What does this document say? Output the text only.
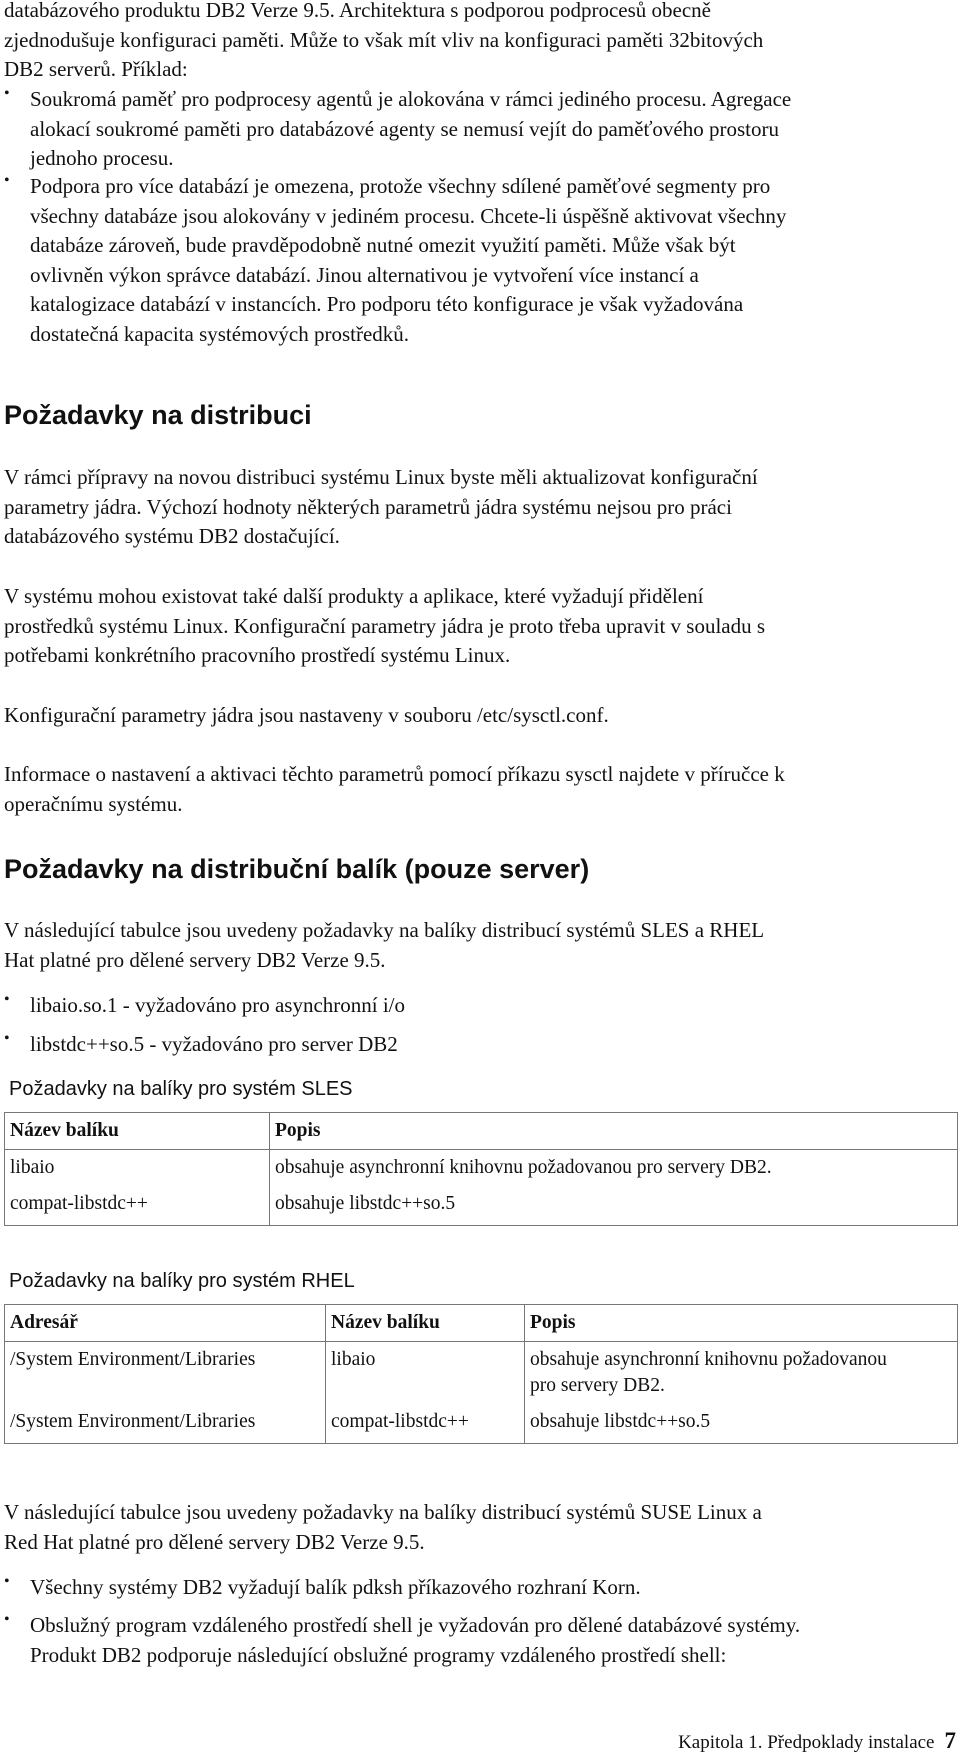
databázového produktu DB2 Verze 9.5. Architektura s podporou podprocesů obecně

zjednodušuje konfiguraci paměti. Může to však mít vliv na konfiguraci paměti 32bitových

DB2 serverů. Příklad:

• Soukromá paměť pro podprocesy agentů je alokována v rámci jediného procesu. Agregace

alokací soukromé paměti pro databázové agenty se nemusí vejít do paměťového prostoru

jednoho procesu.

• Podpora pro více databází je omezena, protože všechny sdílené paměťové segmenty pro

všechny databáze jsou alokovány v jediném procesu. Chcete-li úspěšně aktivovat všechny

databáze zároveň, bude pravděpodobně nutné omezit využití paměti. Může však být

ovlivněn výkon správce databází. Jinou alternativou je vytvoření více instancí a

katalogizace databází v instancích. Pro podporu této konfigurace je však vyžadována

dostatečná kapacita systémových prostředků.

Požadavky na distribuci

V rámci přípravy na novou distribuci systému Linux byste měli aktualizovat konfigurační

parametry jádra. Výchozí hodnoty některých parametrů jádra systému nejsou pro práci

databázového systému DB2 dostačující.

V systému mohou existovat také další produkty a aplikace, které vyžadují přidělení

prostředků systému Linux. Konfigurační parametry jádra je proto třeba upravit v souladu s

potřebami konkrétního pracovního prostředí systému Linux.

Konfigurační parametry jádra jsou nastaveny v souboru /etc/sysctl.conf.

Informace o nastavení a aktivaci těchto parametrů pomocí příkazu sysctl najdete v příručce k

operačnímu systému.

Požadavky na distribuční balík (pouze server)

V následující tabulce jsou uvedeny požadavky na balíky distribucí systémů SLES a RHEL

Hat platné pro dělené servery DB2 Verze 9.5.

• libaio.so.1 - vyžadováno pro asynchronní i/o

• libstdc++so.5 - vyžadováno pro server DB2

Požadavky na balíky pro systém SLES
Název balíku	Popis
libaio	obsahuje asynchronní knihovnu požadovanou pro servery DB2.
compat-libstdc++	obsahuje libstdc++so.5
Požadavky na balíky pro systém RHEL
Adresář	Název balíku	Popis
/System Environment/Libraries	libaio	obsahuje asynchronní knihovnu požadovanou
pro servery DB2.

/System Environment/Libraries	compat-libstdc++	obsahuje libstdc++so.5

V následující tabulce jsou uvedeny požadavky na balíky distribucí systémů SUSE Linux a

Red Hat platné pro dělené servery DB2 Verze 9.5.

• Všechny systémy DB2 vyžadují balík pdksh příkazového rozhraní Korn.

• Obslužný program vzdáleného prostředí shell je vyžadován pro dělené databázové systémy.

Produkt DB2 podporuje následující obslužné programy vzdáleného prostředí shell:

Kapitola 1. Předpoklady instalace 7
